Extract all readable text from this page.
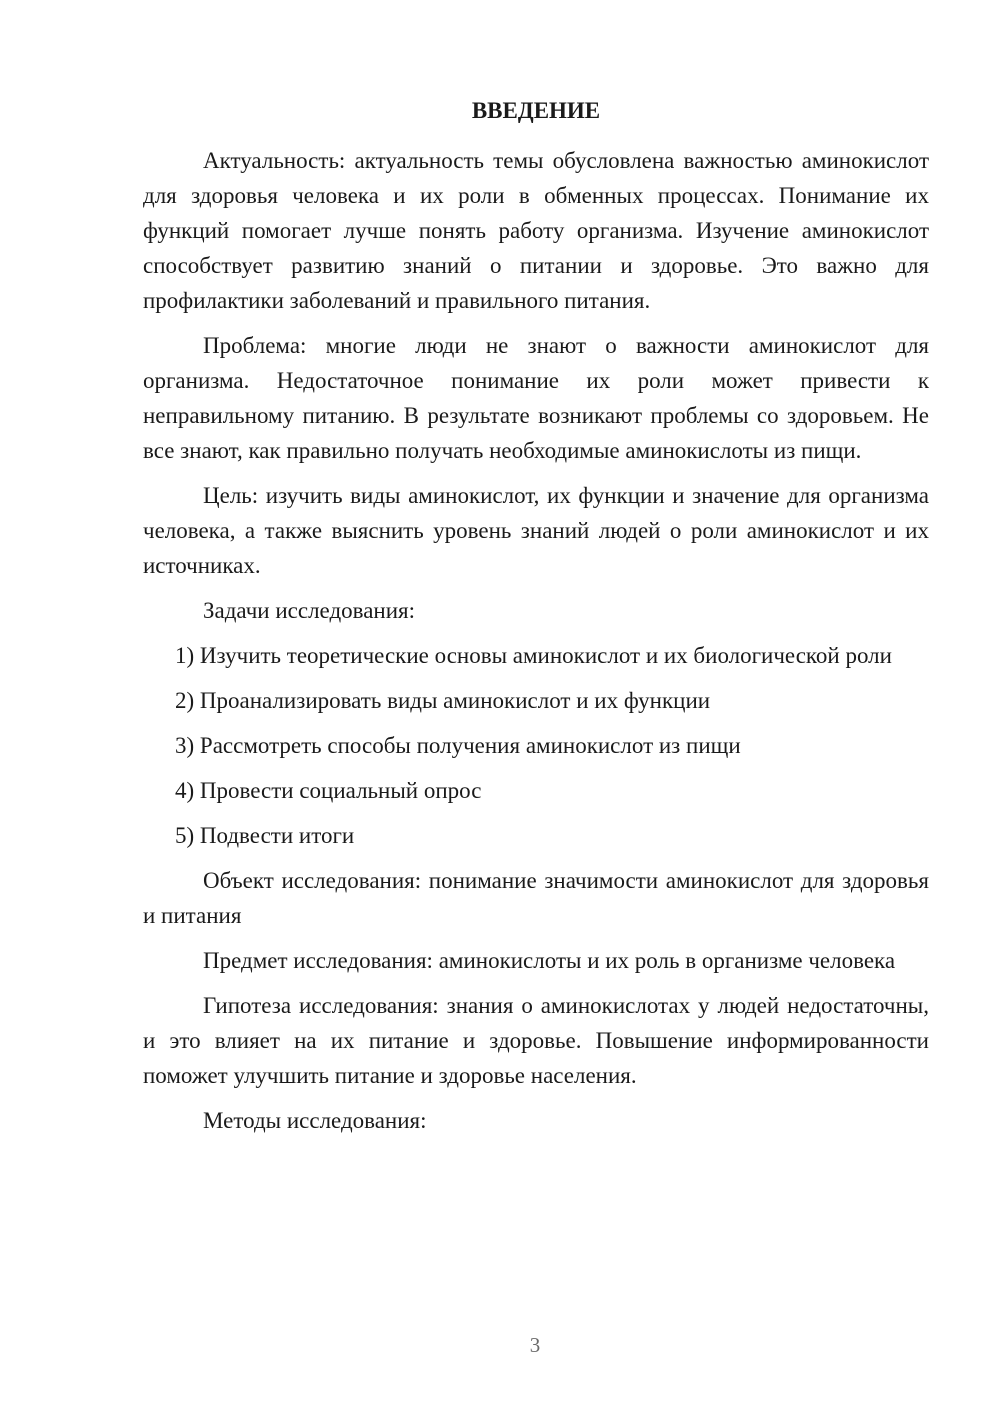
ВВЕДЕНИЕ

Актуальность: актуальность темы обусловлена важностью аминокислот для здоровья человека и их роли в обменных процессах. Понимание их функций помогает лучше понять работу организма. Изучение аминокислот способствует развитию знаний о питании и здоровье. Это важно для профилактики заболеваний и правильного питания.

Проблема: многие люди не знают о важности аминокислот для организма. Недостаточное понимание их роли может привести к неправильному питанию. В результате возникают проблемы со здоровьем. Не все знают, как правильно получать необходимые аминокислоты из пищи.

Цель: изучить виды аминокислот, их функции и значение для организма человека, а также выяснить уровень знаний людей о роли аминокислот и их источниках.

Задачи исследования:

1) Изучить теоретические основы аминокислот и их биологической роли

2) Проанализировать виды аминокислот и их функции

3) Рассмотреть способы получения аминокислот из пищи

4) Провести социальный опрос

5) Подвести итоги

Объект исследования: понимание значимости аминокислот для здоровья и питания

Предмет исследования: аминокислоты и их роль в организме человека

Гипотеза исследования: знания о аминокислотах у людей недостаточны, и это влияет на их питание и здоровье. Повышение информированности поможет улучшить питание и здоровье населения.

Методы исследования:

3
